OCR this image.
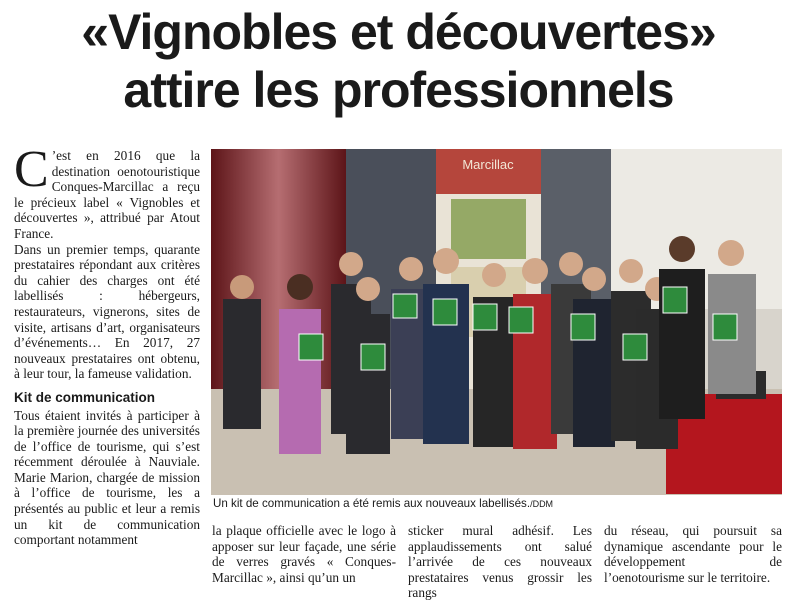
«Vignobles et découvertes»
attire les professionnels

C ’est en 2016 que la destination oenotouristique Conques-Marcillac a reçu le précieux label « Vignobles et découvertes », attribué par Atout France.

Dans un premier temps, quarante prestataires répondant aux critères du cahier des charges ont été labellisés : hébergeurs, restaurateurs, vignerons, sites de visite, artisans d’art, organisateurs d’événements… En 2017, 27 nouveaux prestataires ont obtenu, à leur tour, la fameuse validation.

Kit de communication

Tous étaient invités à participer à la première journée des universités de l’office de tourisme, qui s’est récemment déroulée à Nauviale. Marie Marion, chargée de mission à l’office de tourisme, les a présentés au public et leur a remis un kit de communication comportant notamment

Marcillac
Un kit de communication a été remis aux nouveaux labellisés./DDM
la plaque officielle avec le logo à apposer sur leur façade, une série de verres gravés « Conques-Marcillac », ainsi qu’un un
sticker mural adhésif. Les applaudissements ont salué l’arrivée de ces nouveaux prestataires venus grossir les rangs
du réseau, qui poursuit sa dynamique ascendante pour le développement de l’oenotourisme sur le territoire.
